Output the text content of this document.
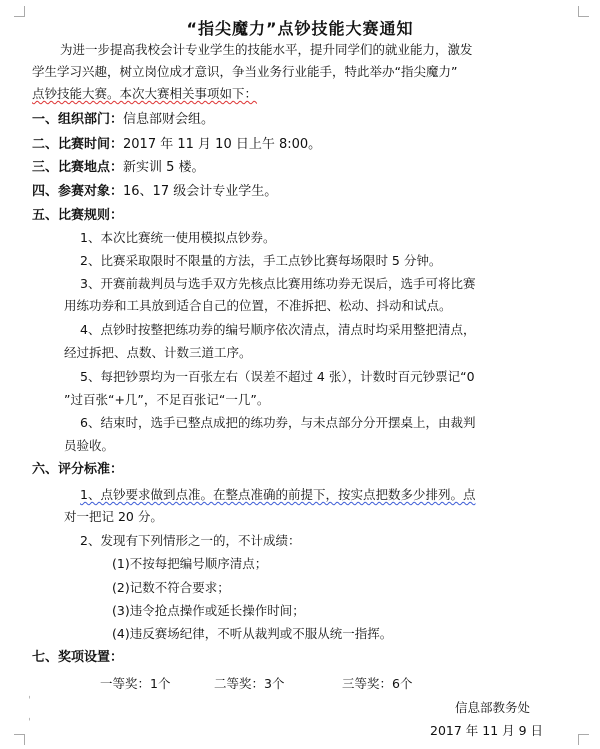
“指尖魔力”点钞技能大赛通知
为进一步提高我校会计专业学生的技能水平，提升同学们的就业能力，激发
学生学习兴趣，树立岗位成才意识，争当业务行业能手，特此举办“指尖魔力”
点钞技能大赛。本次大赛相关事项如下：
一、组织部门：信息部财会组。
二、比赛时间：2017 年 11 月 10 日上午 8:00。
三、比赛地点：新实训 5 楼。
四、参赛对象：16、17 级会计专业学生。
五、比赛规则：
1、本次比赛统一使用模拟点钞券。
2、比赛采取限时不限量的方法，手工点钞比赛每场限时 5 分钟。
3、开赛前裁判员与选手双方先核点比赛用练功券无误后，选手可将比赛
用练功券和工具放到适合自己的位置，不准拆把、松动、抖动和试点。
4、点钞时按整把练功券的编号顺序依次清点，清点时均采用整把清点，
经过拆把、点数、计数三道工序。
5、每把钞票均为一百张左右（误差不超过 4 张），计数时百元钞票记“0
”过百张“+几”，不足百张记“一几”。
6、结束时，选手已整点成把的练功券，与未点部分分开摆桌上，由裁判
员验收。
六、评分标准：
1、点钞要求做到点准。在整点准确的前提下，按实点把数多少排列。点
对一把记 20 分。
2、发现有下列情形之一的，不计成绩：
(1)不按每把编号顺序清点；
(2)记数不符合要求；
(3)违令抢点操作或延长操作时间；
(4)违反赛场纪律，不听从裁判或不服从统一指挥。
七、奖项设置：
一等奖：1个	二等奖：3个	三等奖：6个
信息部教务处
2017 年 11 月 9 日
ˌ
ˌ
